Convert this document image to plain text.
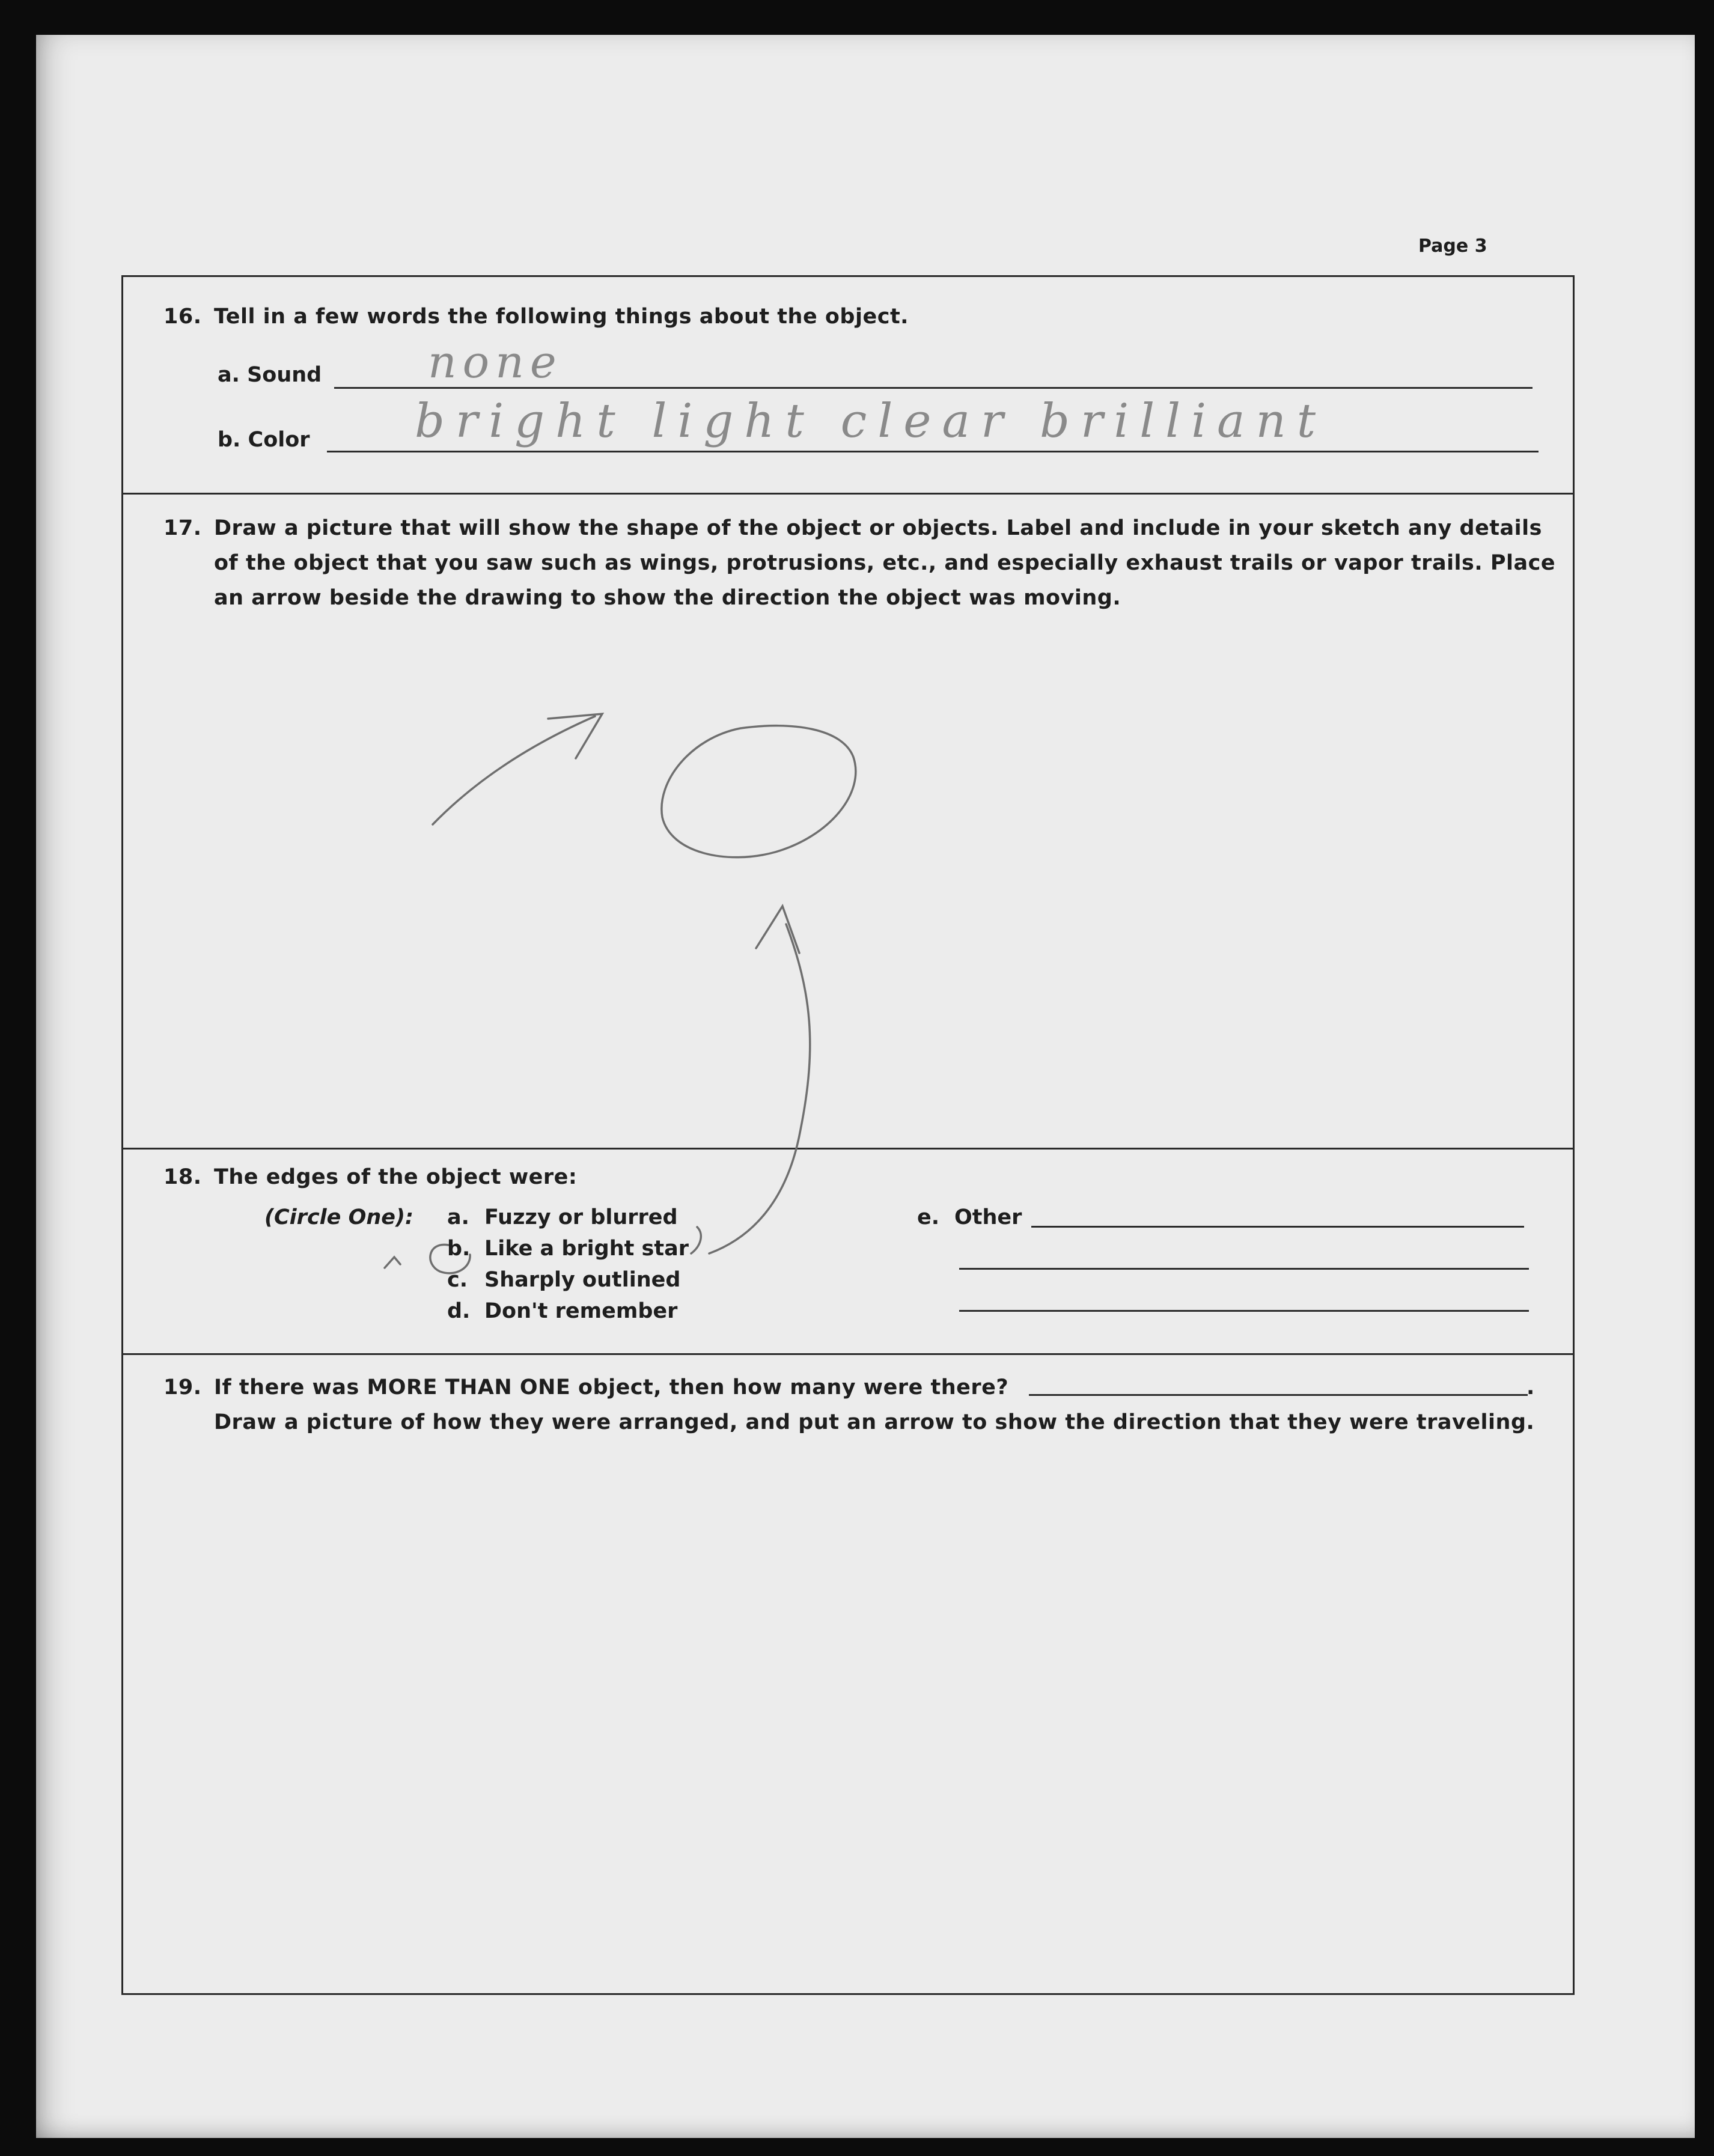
Page 3
16. Tell in a few words the following things about the object.
a. Sound none
b. Color bright light clear brilliant
17. Draw a picture that will show the shape of the object or objects. Label and include in your sketch any details
of the object that you saw such as wings, protrusions, etc., and especially exhaust trails or vapor trails. Place
an arrow beside the drawing to show the direction the object was moving.
18. The edges of the object were:
(Circle One): a. Fuzzy or blurred
b. Like a bright star
c. Sharply outlined
d. Don't remember
e. Other
19. If there was MORE THAN ONE object, then how many were there?
Draw a picture of how they were arranged, and put an arrow to show the direction that they were traveling.
.
